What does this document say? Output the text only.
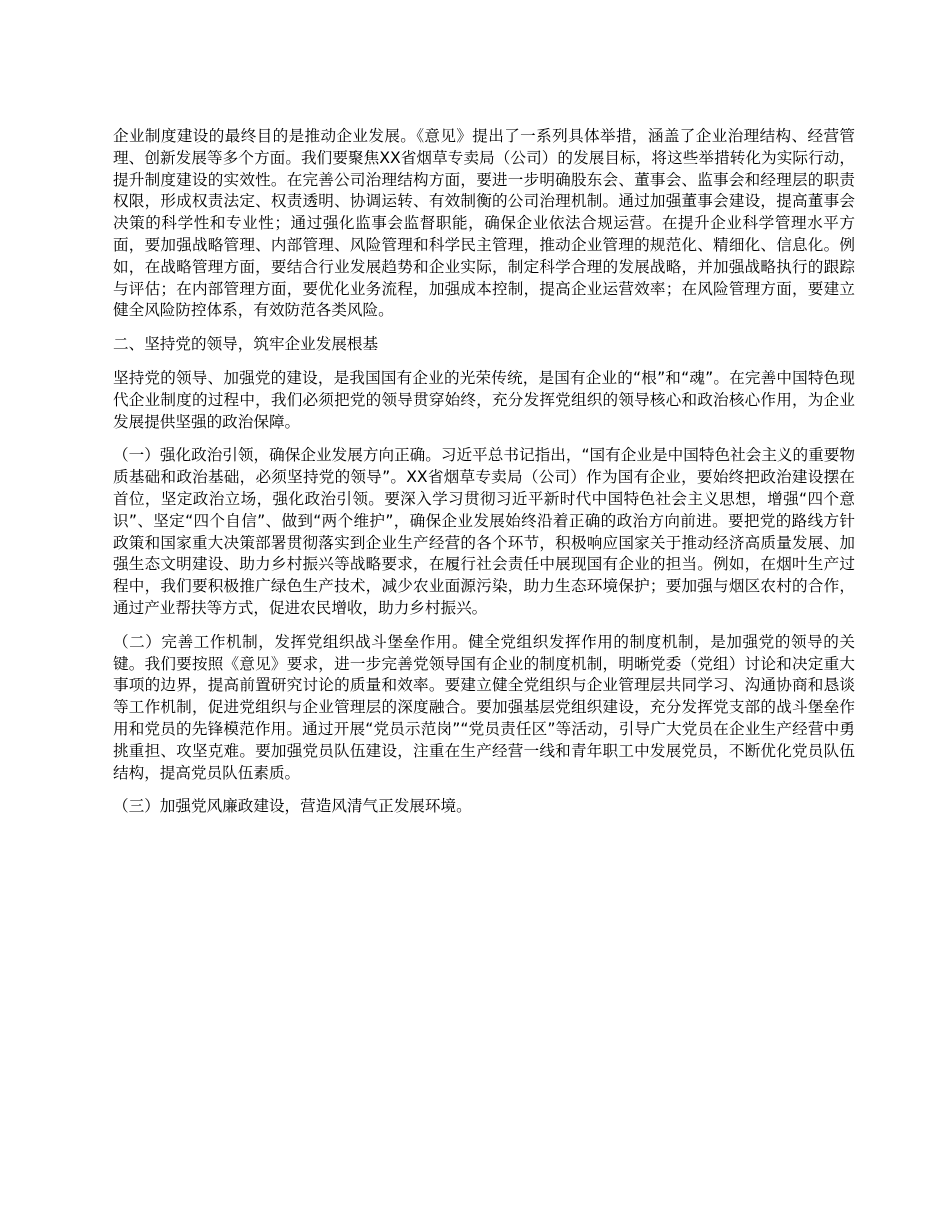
企业制度建设的最终目的是推动企业发展。《意见》提出了一系列具体举措，涵盖了企业治理结构、经营管理、创新发展等多个方面。我们要聚焦XX省烟草专卖局（公司）的发展目标，将这些举措转化为实际行动，提升制度建设的实效性。在完善公司治理结构方面，要进一步明确股东会、董事会、监事会和经理层的职责权限，形成权责法定、权责透明、协调运转、有效制衡的公司治理机制。通过加强董事会建设，提高董事会决策的科学性和专业性；通过强化监事会监督职能，确保企业依法合规运营。在提升企业科学管理水平方面，要加强战略管理、内部管理、风险管理和科学民主管理，推动企业管理的规范化、精细化、信息化。例如，在战略管理方面，要结合行业发展趋势和企业实际，制定科学合理的发展战略，并加强战略执行的跟踪与评估；在内部管理方面，要优化业务流程，加强成本控制，提高企业运营效率；在风险管理方面，要建立健全风险防控体系，有效防范各类风险。

二、坚持党的领导，筑牢企业发展根基

坚持党的领导、加强党的建设，是我国国有企业的光荣传统，是国有企业的“根”和“魂”。在完善中国特色现代企业制度的过程中，我们必须把党的领导贯穿始终，充分发挥党组织的领导核心和政治核心作用，为企业发展提供坚强的政治保障。

（一）强化政治引领，确保企业发展方向正确。习近平总书记指出，“国有企业是中国特色社会主义的重要物质基础和政治基础，必须坚持党的领导”。XX省烟草专卖局（公司）作为国有企业，要始终把政治建设摆在首位，坚定政治立场，强化政治引领。要深入学习贯彻习近平新时代中国特色社会主义思想，增强“四个意识”、坚定“四个自信”、做到“两个维护”，确保企业发展始终沿着正确的政治方向前进。要把党的路线方针政策和国家重大决策部署贯彻落实到企业生产经营的各个环节，积极响应国家关于推动经济高质量发展、加强生态文明建设、助力乡村振兴等战略要求，在履行社会责任中展现国有企业的担当。例如，在烟叶生产过程中，我们要积极推广绿色生产技术，减少农业面源污染，助力生态环境保护；要加强与烟区农村的合作，通过产业帮扶等方式，促进农民增收，助力乡村振兴。

（二）完善工作机制，发挥党组织战斗堡垒作用。健全党组织发挥作用的制度机制，是加强党的领导的关键。我们要按照《意见》要求，进一步完善党领导国有企业的制度机制，明晰党委（党组）讨论和决定重大事项的边界，提高前置研究讨论的质量和效率。要建立健全党组织与企业管理层共同学习、沟通协商和恳谈等工作机制，促进党组织与企业管理层的深度融合。要加强基层党组织建设，充分发挥党支部的战斗堡垒作用和党员的先锋模范作用。通过开展“党员示范岗”“党员责任区”等活动，引导广大党员在企业生产经营中勇挑重担、攻坚克难。要加强党员队伍建设，注重在生产经营一线和青年职工中发展党员，不断优化党员队伍结构，提高党员队伍素质。

（三）加强党风廉政建设，营造风清气正发展环境。
